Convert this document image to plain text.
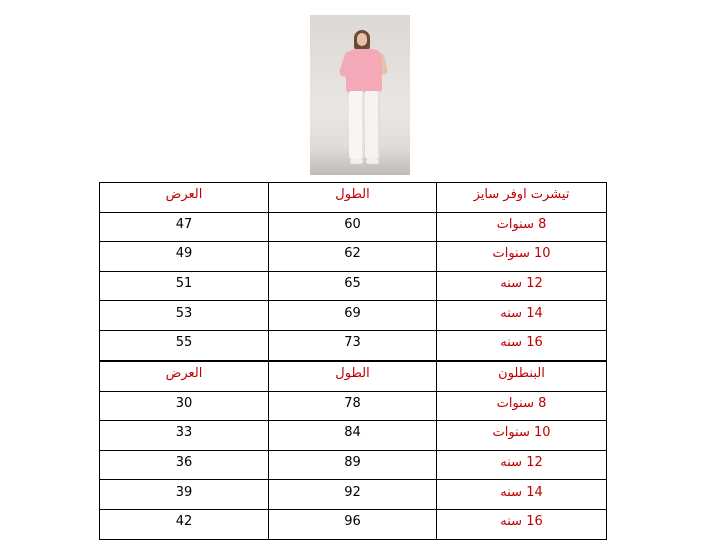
العرض	الطول	تيشرت اوفر سايز
47	60	8 سنوات
49	62	10 سنوات
51	65	12 سنه
53	69	14 سنه
55	73	16 سنه
العرض	الطول	البنطلون
30	78	8 سنوات
33	84	10 سنوات
36	89	12 سنه
39	92	14 سنه
42	96	16 سنه
